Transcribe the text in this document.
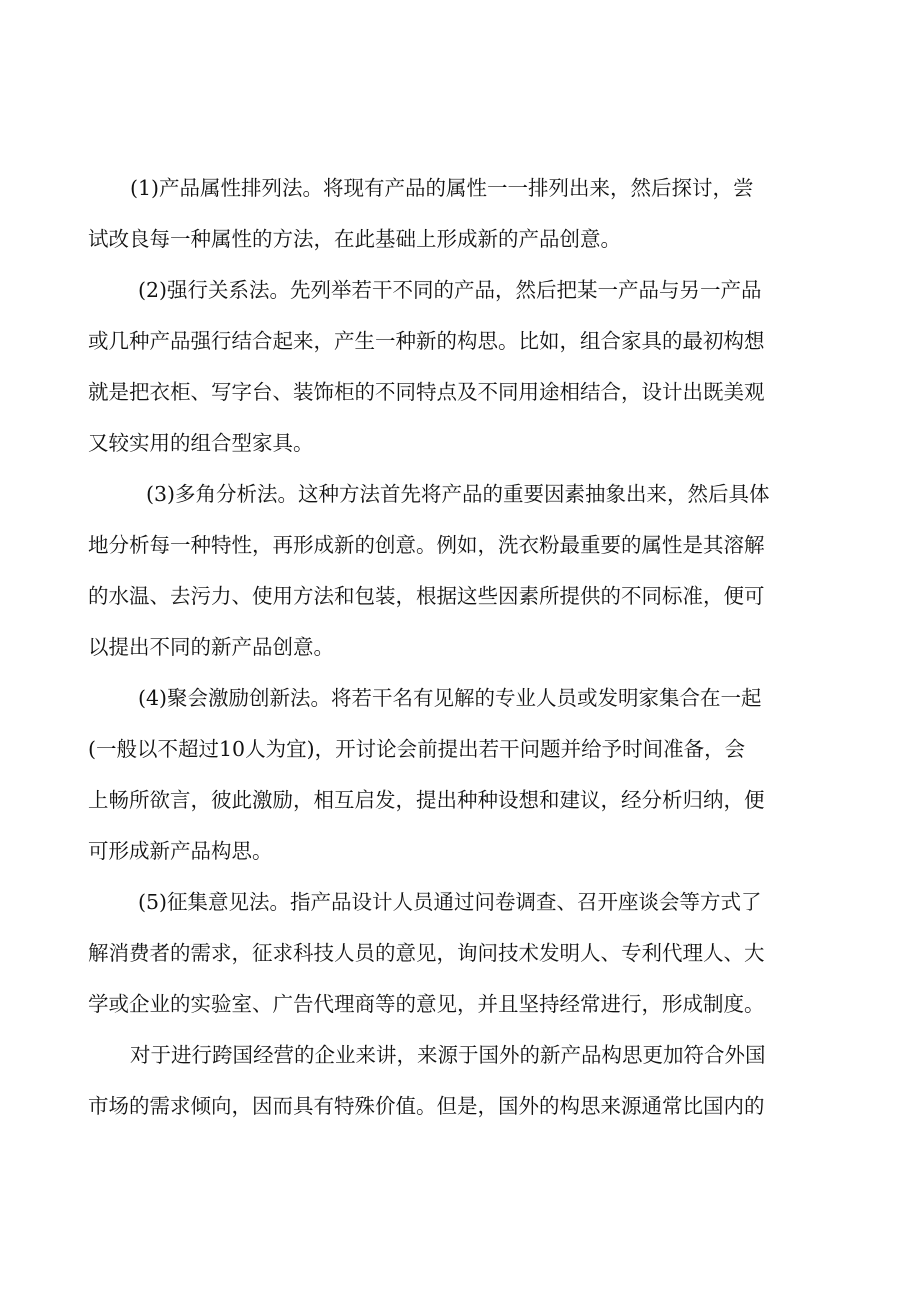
(1)产品属性排列法。将现有产品的属性一一排列出来，然后探讨，尝

试改良每一种属性的方法，在此基础上形成新的产品创意。

(2)强行关系法。先列举若干不同的产品，然后把某一产品与另一产品

或几种产品强行结合起来，产生一种新的构思。比如，组合家具的最初构想

就是把衣柜、写字台、装饰柜的不同特点及不同用途相结合，设计出既美观

又较实用的组合型家具。

(3)多角分析法。这种方法首先将产品的重要因素抽象出来，然后具体

地分析每一种特性，再形成新的创意。例如，洗衣粉最重要的属性是其溶解

的水温、去污力、使用方法和包装，根据这些因素所提供的不同标准，便可

以提出不同的新产品创意。

(4)聚会激励创新法。将若干名有见解的专业人员或发明家集合在一起

(一般以不超过10人为宜)，开讨论会前提出若干问题并给予时间准备，会

上畅所欲言，彼此激励，相互启发，提出种种设想和建议，经分析归纳，便

可形成新产品构思。

(5)征集意见法。指产品设计人员通过问卷调查、召开座谈会等方式了

解消费者的需求，征求科技人员的意见，询问技术发明人、专利代理人、大

学或企业的实验室、广告代理商等的意见，并且坚持经常进行，形成制度。

对于进行跨国经营的企业来讲，来源于国外的新产品构思更加符合外国

市场的需求倾向，因而具有特殊价值。但是，国外的构思来源通常比国内的
